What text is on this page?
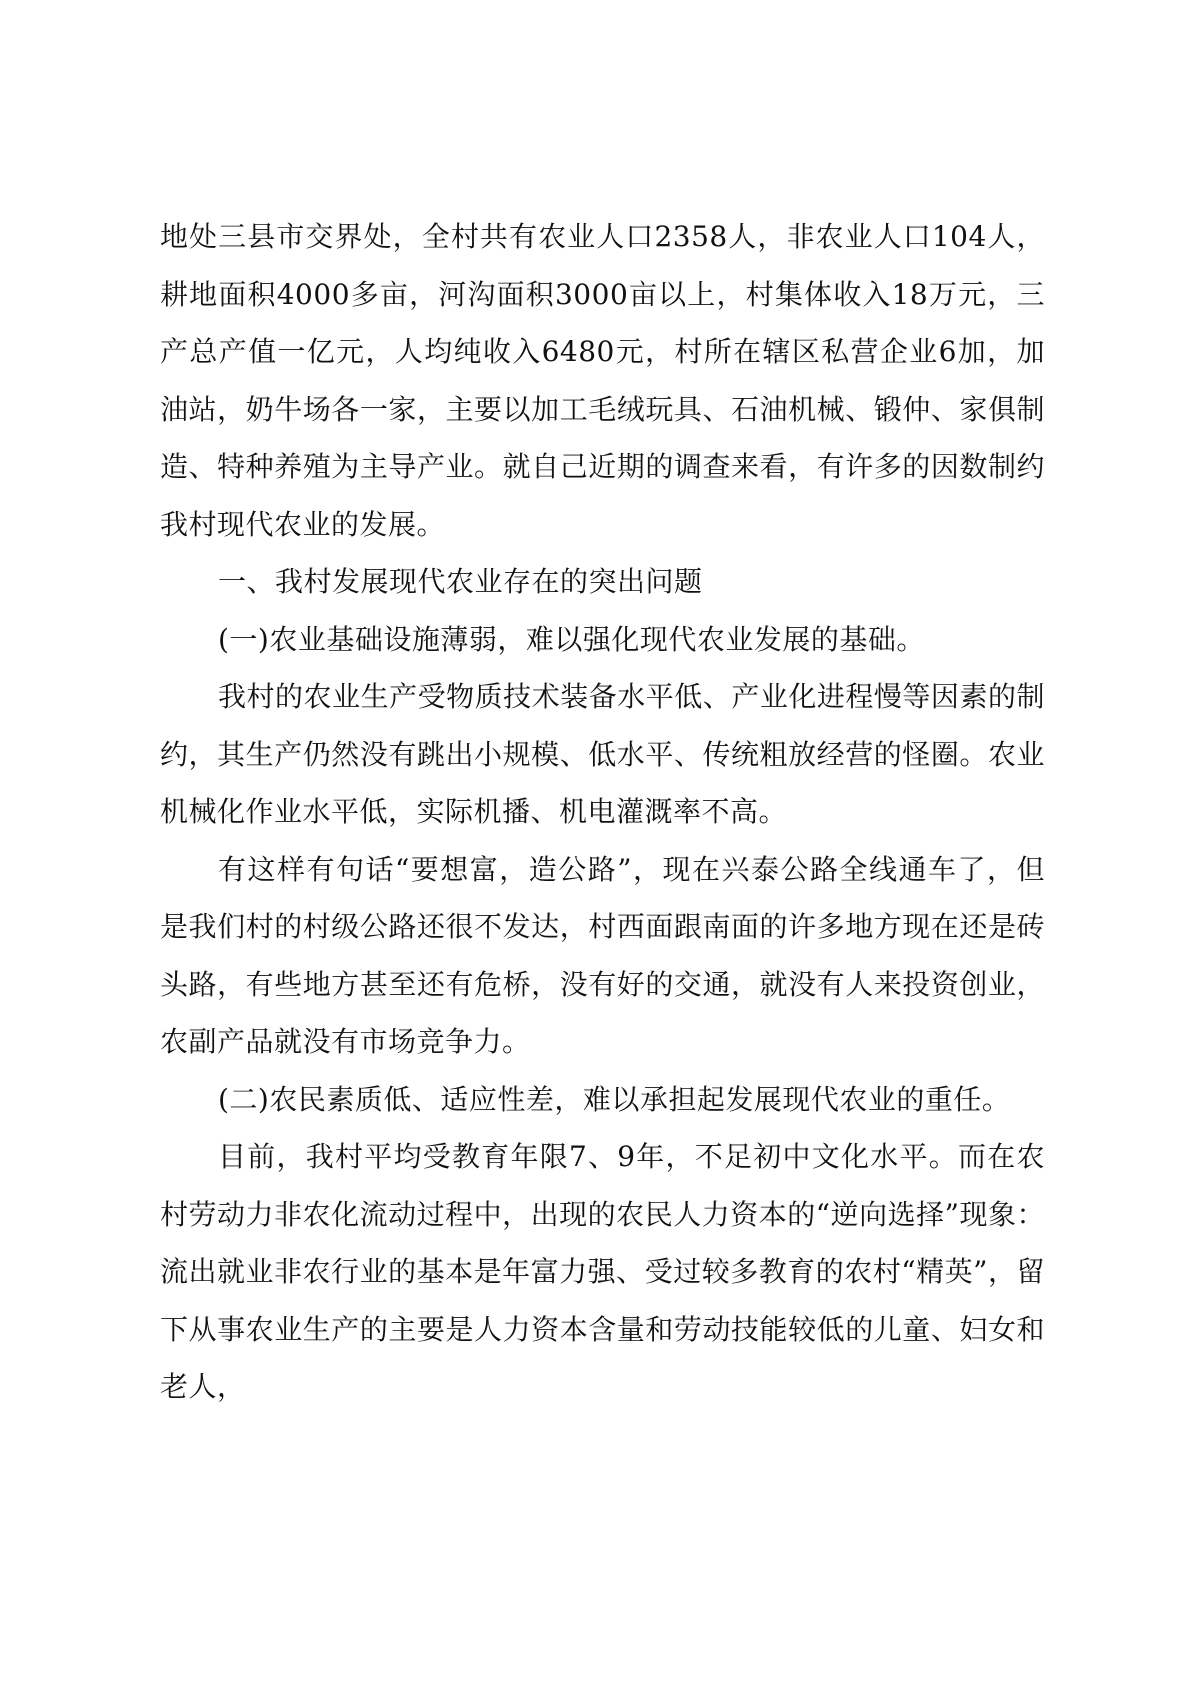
地处三县市交界处，全村共有农业人口2358人，非农业人口104人，耕地面积4000多亩，河沟面积3000亩以上，村集体收入18万元，三产总产值一亿元，人均纯收入6480元，村所在辖区私营企业6加，加油站，奶牛场各一家，主要以加工毛绒玩具、石油机械、锻仲、家俱制造、特种养殖为主导产业。就自己近期的调查来看，有许多的因数制约我村现代农业的发展。

一、我村发展现代农业存在的突出问题

(一)农业基础设施薄弱，难以强化现代农业发展的基础。

我村的农业生产受物质技术装备水平低、产业化进程慢等因素的制约，其生产仍然没有跳出小规模、低水平、传统粗放经营的怪圈。农业机械化作业水平低，实际机播、机电灌溉率不高。

有这样有句话“要想富，造公路”，现在兴泰公路全线通车了，但是我们村的村级公路还很不发达，村西面跟南面的许多地方现在还是砖头路，有些地方甚至还有危桥，没有好的交通，就没有人来投资创业，农副产品就没有市场竞争力。

(二)农民素质低、适应性差，难以承担起发展现代农业的重任。

目前，我村平均受教育年限7、9年，不足初中文化水平。而在农村劳动力非农化流动过程中，出现的农民人力资本的“逆向选择”现象：流出就业非农行业的基本是年富力强、受过较多教育的农村“精英”，留下从事农业生产的主要是人力资本含量和劳动技能较低的儿童、妇女和老人，
